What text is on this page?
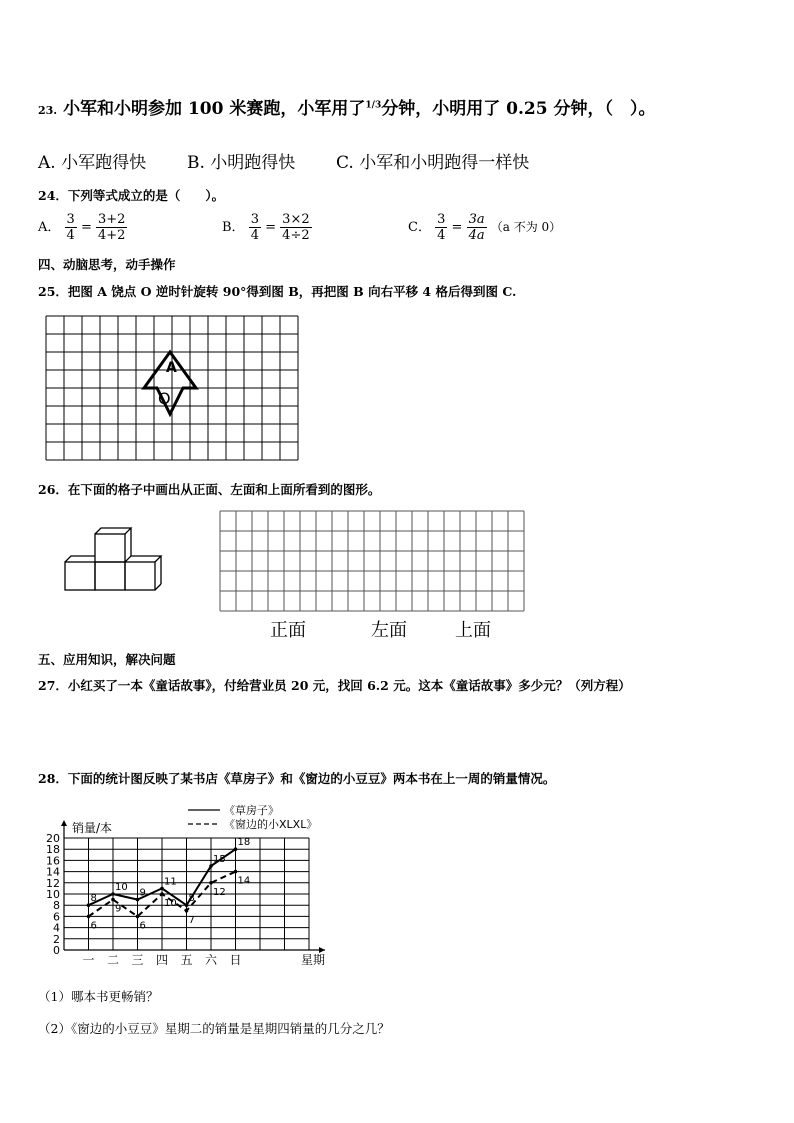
23. 小军和小明参加 100 米赛跑，小军用了$^{1/3}$分钟，小明用了 0.25 分钟，（　）。
A. 小军跑得快 B. 小明跑得快 C. 小军和小明跑得一样快
24．下列等式成立的是（　　）。
A． $\frac{3}{4} = \frac{3+2}{4+2}$	B． $\frac{3}{4} = \frac{3\times 2}{4\div 2}$	C． $\frac{3}{4} = \frac{3a}{4a} (a$ 不为 0）
四、动脑思考，动手操作
25．把图 A 饶点 O 逆时针旋转 90°得到图 B，再把图 B 向右平移 4 格后得到图 C.
A
O
26．在下面的格子中画出从正面、左面和上面所看到的图形。
正面	左面	上面
五、应用知识，解决问题
27．小红买了一本《童话故事》，付给营业员 20 元，找回 6.2 元。这本《童话故事》多少元？（列方程）
28．下面的统计图反映了某书店《草房子》和《窗边的小豆豆》两本书在上一周的销量情况。
0
2
4
6
8
10
12
14
16
18
20
销量/本
星期
一 二 三 四 五 六 日
8
10
9
11
8
15
18
6
9
6
10
7
12
14
《草房子》
《窗边的小XLXL》
（1）哪本书更畅销？
（2）《窗边的小豆豆》星期二的销量是星期四销量的几分之几？
